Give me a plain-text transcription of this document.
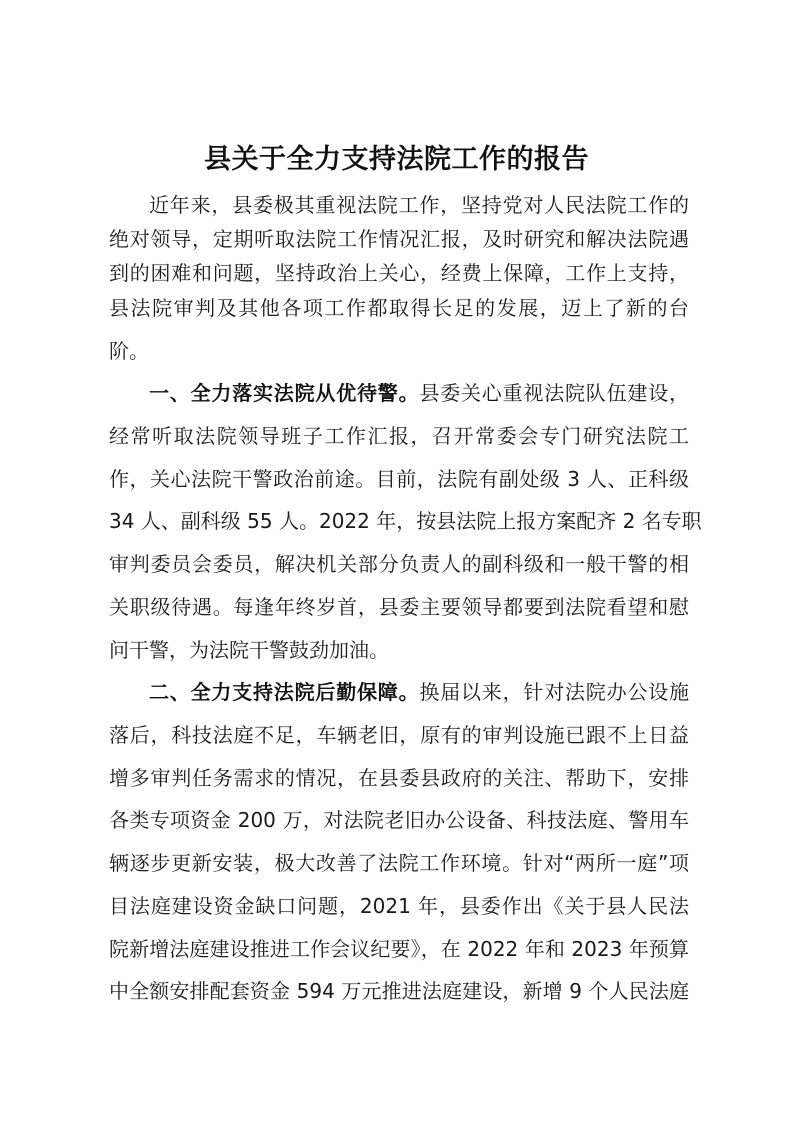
县关于全力支持法院工作的报告
近年来，县委极其重视法院工作，坚持党对人民法院工作的
绝对领导，定期听取法院工作情况汇报，及时研究和解决法院遇
到的困难和问题，坚持政治上关心，经费上保障，工作上支持，
县法院审判及其他各项工作都取得长足的发展，迈上了新的台
阶。
一、全力落实法院从优待警。县委关心重视法院队伍建设，
经常听取法院领导班子工作汇报，召开常委会专门研究法院工
作，关心法院干警政治前途。目前，法院有副处级 3 人、正科级
34 人、副科级 55 人。2022 年，按县法院上报方案配齐 2 名专职
审判委员会委员，解决机关部分负责人的副科级和一般干警的相
关职级待遇。每逢年终岁首，县委主要领导都要到法院看望和慰
问干警，为法院干警鼓劲加油。
二、全力支持法院后勤保障。换届以来，针对法院办公设施
落后，科技法庭不足，车辆老旧，原有的审判设施已跟不上日益
增多审判任务需求的情况，在县委县政府的关注、帮助下，安排
各类专项资金 200 万，对法院老旧办公设备、科技法庭、警用车
辆逐步更新安装，极大改善了法院工作环境。针对“两所一庭”项
目法庭建设资金缺口问题，2021 年，县委作出《关于县人民法
院新增法庭建设推进工作会议纪要》，在 2022 年和 2023 年预算
中全额安排配套资金 594 万元推进法庭建设，新增 9 个人民法庭
